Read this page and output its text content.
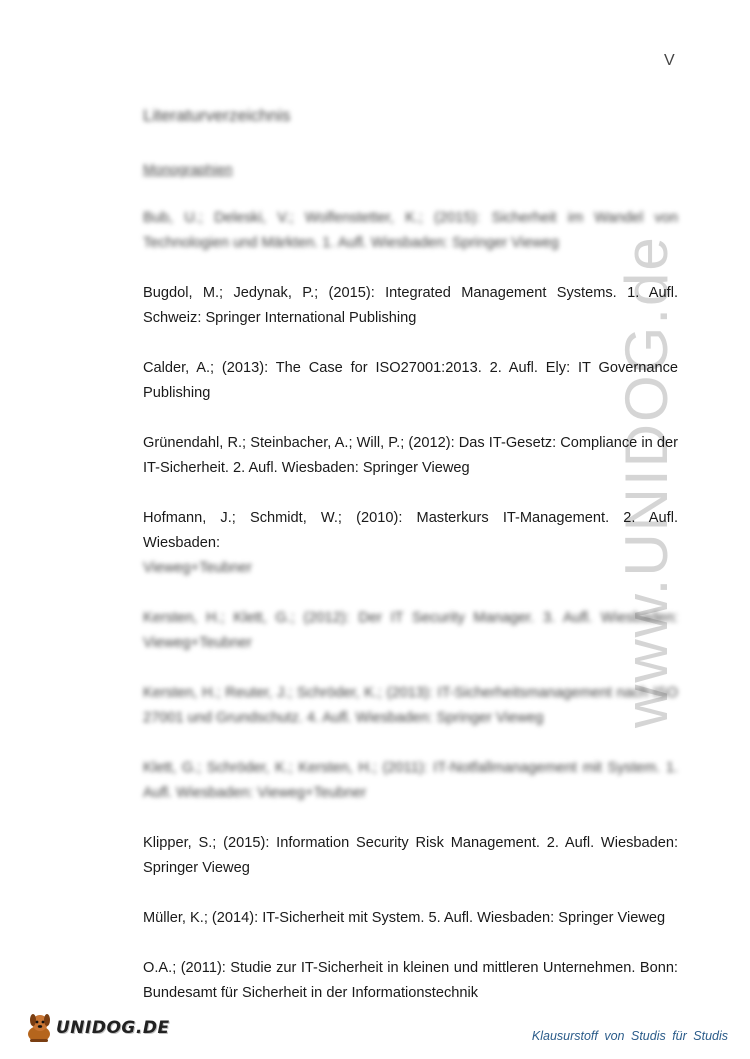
V
www.UNIDOG.de
Literaturverzeichnis
Monographien
Bub, U.; Deleski, V.; Wolfenstetter, K.; (2015): Sicherheit im Wandel von Technologien und Märkten. 1. Aufl. Wiesbaden: Springer Vieweg
Bugdol, M.; Jedynak, P.; (2015): Integrated Management Systems. 1. Aufl. Schweiz: Springer International Publishing
Calder, A.; (2013): The Case for ISO27001:2013. 2. Aufl. Ely: IT Governance Publishing
Grünendahl, R.; Steinbacher, A.; Will, P.; (2012): Das IT-Gesetz: Compliance in der IT-Sicherheit. 2. Aufl. Wiesbaden: Springer Vieweg
Hofmann, J.; Schmidt, W.; (2010): Masterkurs IT-Management. 2. Aufl. Wiesbaden:
Vieweg+Teubner
Kersten, H.; Klett, G.; (2012): Der IT Security Manager. 3. Aufl. Wiesbaden: Vieweg+Teubner
Kersten, H.; Reuter, J.; Schröder, K.; (2013): IT-Sicherheitsmanagement nach ISO 27001 und Grundschutz. 4. Aufl. Wiesbaden: Springer Vieweg
Klett, G.; Schröder, K.; Kersten, H.; (2011): IT-Notfallmanagement mit System. 1. Aufl. Wiesbaden: Vieweg+Teubner
Klipper, S.; (2015): Information Security Risk Management. 2. Aufl. Wiesbaden: Springer Vieweg
Müller, K.; (2014): IT-Sicherheit mit System. 5. Aufl. Wiesbaden: Springer Vieweg
O.A.; (2011): Studie zur IT-Sicherheit in kleinen und mittleren Unternehmen. Bonn: Bundesamt für Sicherheit in der Informationstechnik
UNIDOG.DE	Klausurstoff von Studis für Studis
